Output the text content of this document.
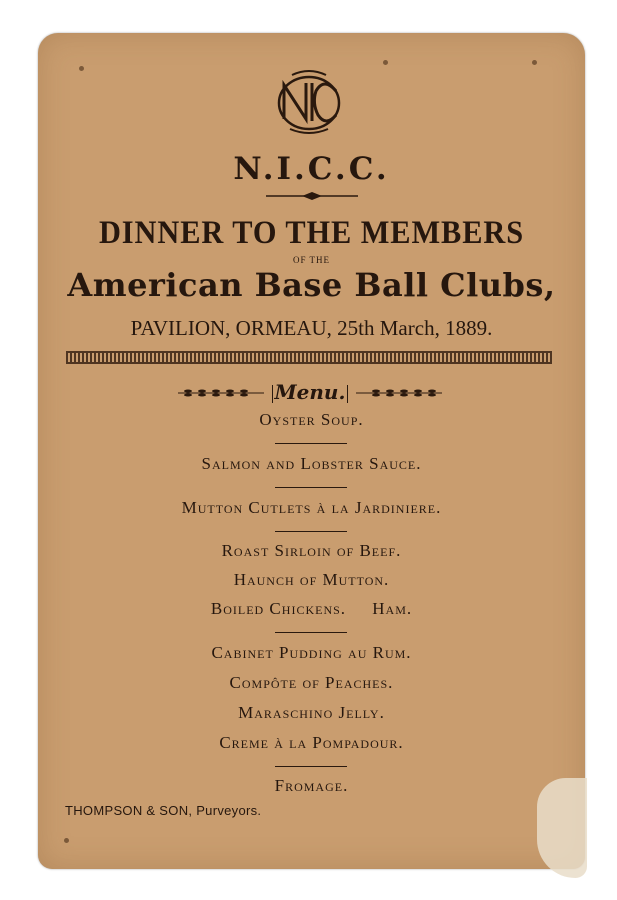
N.I.C.C.
DINNER TO THE MEMBERS
OF THE
American Base Ball Clubs,
PAVILION, ORMEAU, 25th March, 1889.
Menu.
Oyster Soup.
Salmon and Lobster Sauce.
Mutton Cutlets à la Jardiniere.
Roast Sirloin of Beef.
Haunch of Mutton.
Boiled Chickens.     Ham.
Cabinet Pudding au Rum.
Compôte of Peaches.
Maraschino Jelly.
Creme à la Pompadour.
Fromage.
THOMPSON & SON, Purveyors.
